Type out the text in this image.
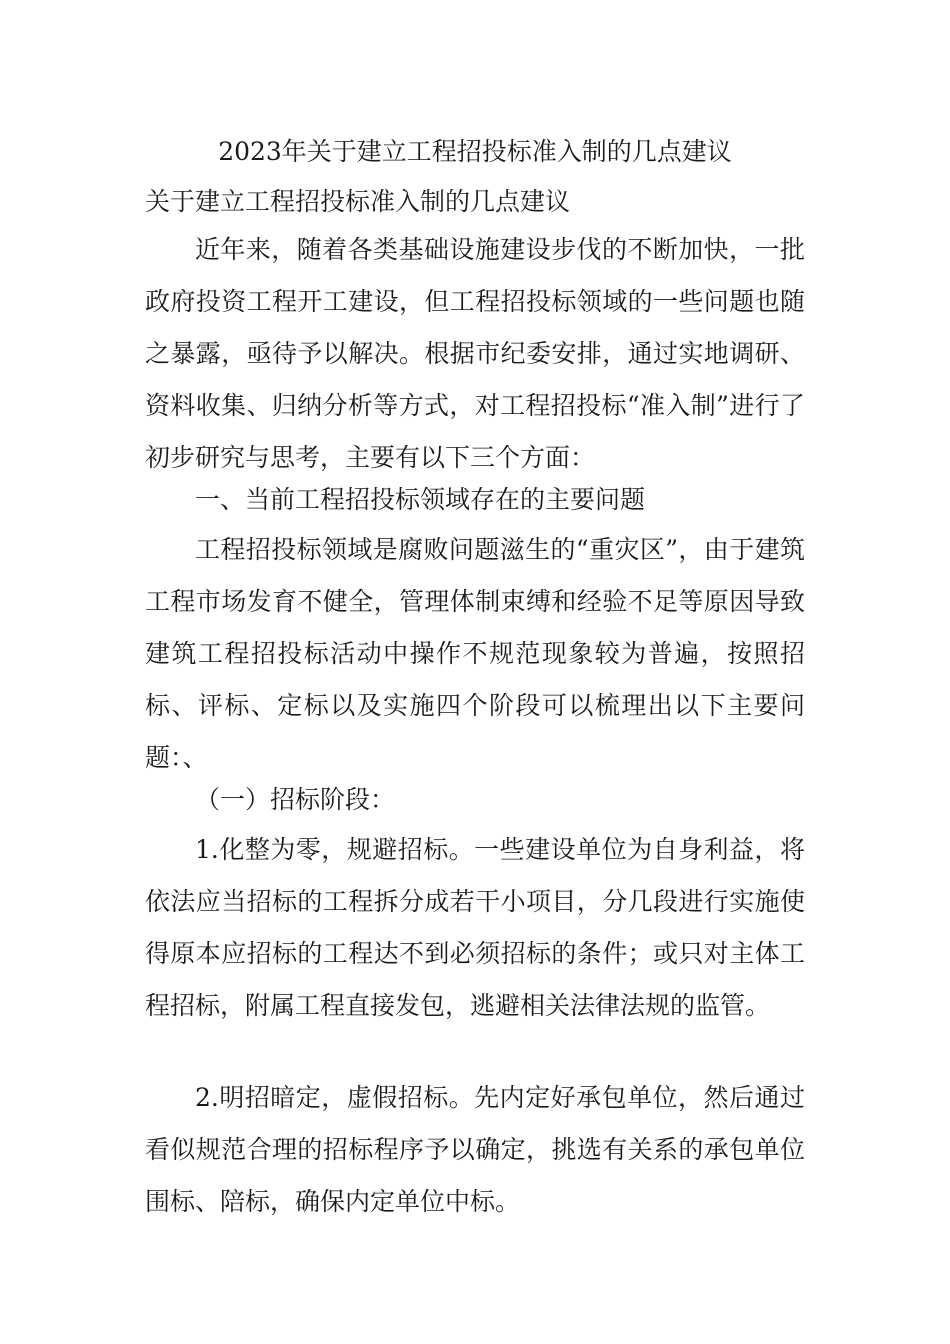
2023年关于建立工程招投标准入制的几点建议
关于建立工程招投标准入制的几点建议

近年来，随着各类基础设施建设步伐的不断加快，一批政府投资工程开工建设，但工程招投标领域的一些问题也随之暴露，亟待予以解决。根据市纪委安排，通过实地调研、资料收集、归纳分析等方式，对工程招投标“准入制”进行了初步研究与思考，主要有以下三个方面：

一、当前工程招投标领域存在的主要问题

工程招投标领域是腐败问题滋生的“重灾区”，由于建筑工程市场发育不健全，管理体制束缚和经验不足等原因导致建筑工程招投标活动中操作不规范现象较为普遍，按照招标、评标、定标以及实施四个阶段可以梳理出以下主要问题：、

（一）招标阶段：

1.化整为零，规避招标。一些建设单位为自身利益，将依法应当招标的工程拆分成若干小项目，分几段进行实施使得原本应招标的工程达不到必须招标的条件；或只对主体工程招标，附属工程直接发包，逃避相关法律法规的监管。

2.明招暗定，虚假招标。先内定好承包单位，然后通过看似规范合理的招标程序予以确定，挑选有关系的承包单位围标、陪标，确保内定单位中标。
